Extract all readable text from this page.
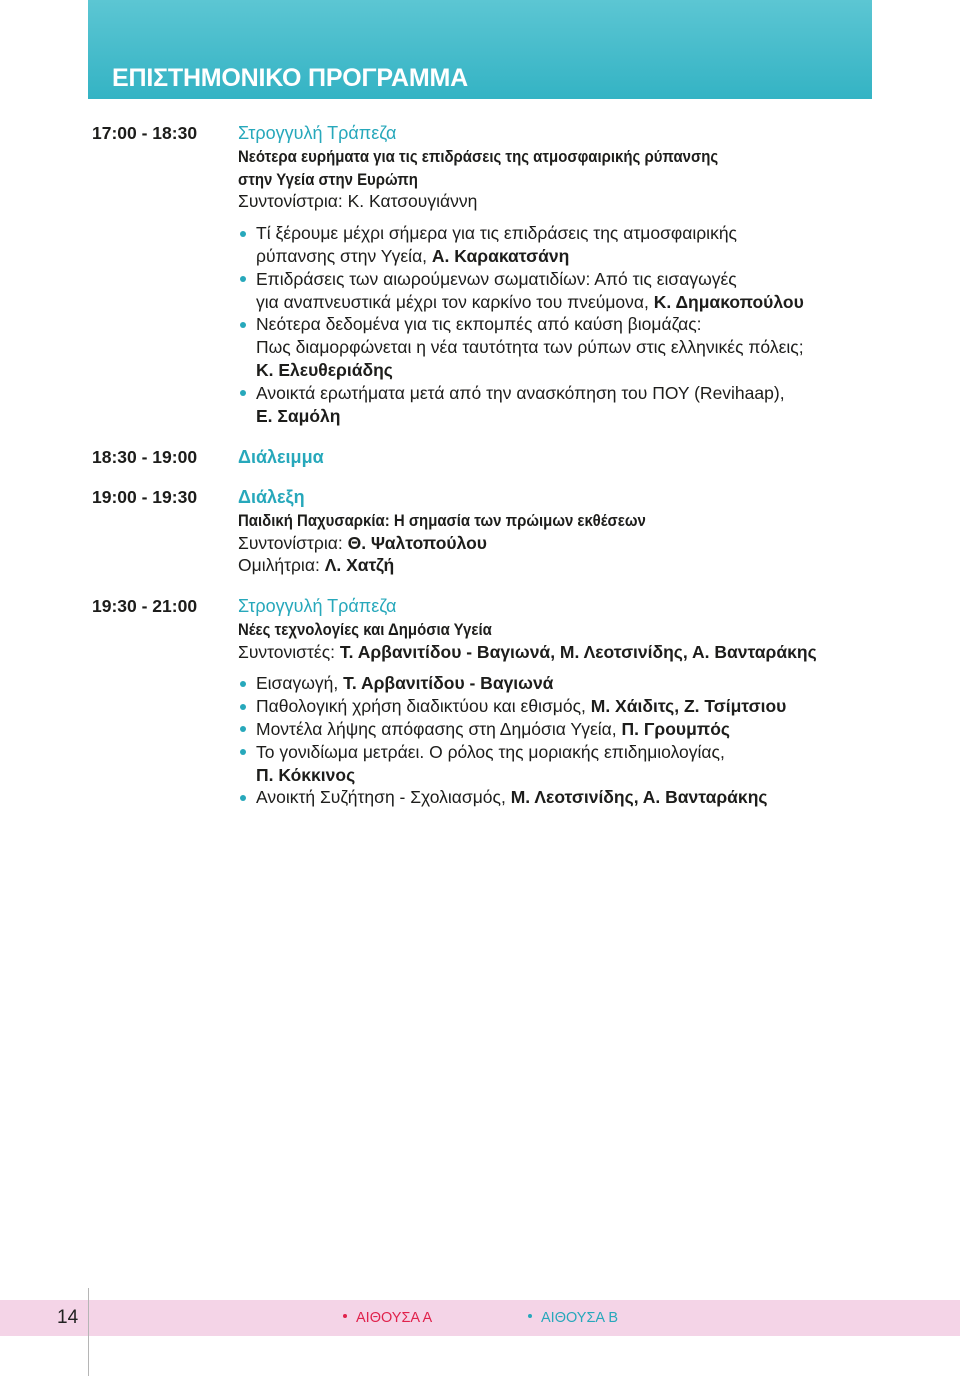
ΕΠΙΣΤΗΜΟΝΙΚΟ ΠΡΟΓΡΑΜΜΑ
17:00 - 18:30 Στρογγυλή Τράπεζα
Νεότερα ευρήματα για τις επιδράσεις της ατμοσφαιρικής ρύπανσης
στην Υγεία στην Ευρώπη
Συντονίστρια: Κ. Κατσουγιάννη
Τί ξέρουμε μέχρι σήμερα για τις επιδράσεις της ατμοσφαιρικής
ρύπανσης στην Υγεία, Α. Καρακατσάνη
Επιδράσεις των αιωρούμενων σωματιδίων: Από τις εισαγωγές
για αναπνευστικά μέχρι τον καρκίνο του πνεύμονα, Κ. Δημακοπούλου
Νεότερα δεδομένα για τις εκπομπές από καύση βιομάζας:
Πως διαμορφώνεται η νέα ταυτότητα των ρύπων στις ελληνικές πόλεις;
Κ. Ελευθεριάδης
Ανοικτά ερωτήματα μετά από την ανασκόπηση του ΠΟΥ (Revihaap),
Ε. Σαμόλη
18:30 - 19:00 Διάλειμμα
19:00 - 19:30 Διάλεξη
Παιδική Παχυσαρκία: Η σημασία των πρώιμων εκθέσεων
Συντονίστρια: Θ. Ψαλτοπούλου
Ομιλήτρια: Λ. Χατζή
19:30 - 21:00 Στρογγυλή Τράπεζα
Νέες τεχνολογίες και Δημόσια Υγεία
Συντονιστές: Τ. Αρβανιτίδου - Βαγιωνά, Μ. Λεοτσινίδης, Α. Βανταράκης
Εισαγωγή, Τ. Αρβανιτίδου - Βαγιωνά
Παθολογική χρήση διαδικτύου και εθισμός, Μ. Χάιδιτς, Ζ. Τσίμτσιου
Μοντέλα λήψης απόφασης στη Δημόσια Υγεία, Π. Γρουμπός
Το γονιδίωμα μετράει. Ο ρόλος της μοριακής επιδημιολογίας,
Π. Κόκκινος
Ανοικτή Συζήτηση - Σχολιασμός, Μ. Λεοτσινίδης, Α. Βανταράκης
14	ΑΙΘΟΥΣΑ Α	ΑΙΘΟΥΣΑ Β
